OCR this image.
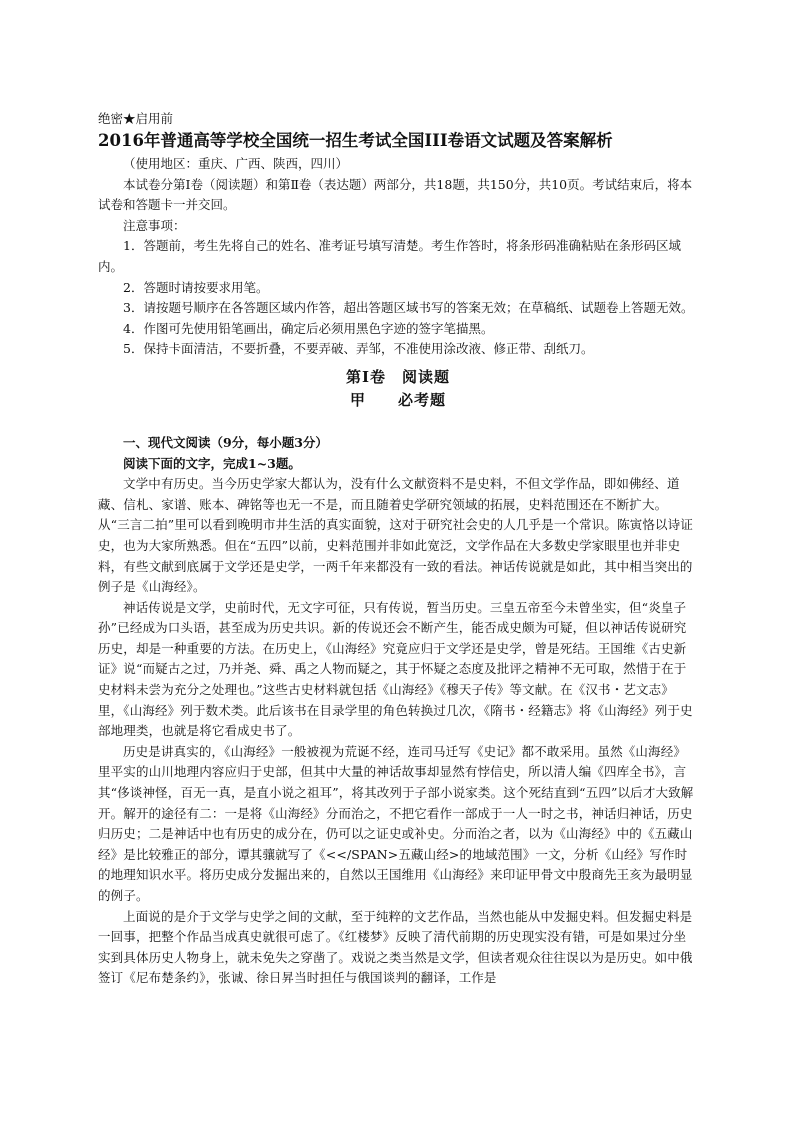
绝密★启用前

2016年普通高等学校全国统一招生考试全国III卷语文试题及答案解析

（使用地区：重庆、广西、陕西，四川）

本试卷分第Ⅰ卷（阅读题）和第Ⅱ卷（表达题）两部分，共18题，共150分，共10页。考试结束后，将本试卷和答题卡一并交回。

注意事项：

1．答题前，考生先将自己的姓名、准考证号填写清楚。考生作答时，将条形码准确粘贴在条形码区域内。

2．答题时请按要求用笔。

3．请按题号顺序在各答题区域内作答，超出答题区域书写的答案无效；在草稿纸、试题卷上答题无效。

4．作图可先使用铅笔画出，确定后必须用黑色字迹的签字笔描黑。

5．保持卡面清洁，不要折叠，不要弄破、弄邹，不准使用涂改液、修正带、刮纸刀。

第Ⅰ卷　阅读题

甲　　必考题

一、现代文阅读（9分，每小题3分）

阅读下面的文字，完成1~3题。

文学中有历史。当今历史学家大都认为，没有什么文献资料不是史料，不但文学作品，即如佛经、道藏、信札、家谱、账本、碑铭等也无一不是，而且随着史学研究领域的拓展，史料范围还在不断扩大。从“三言二拍”里可以看到晚明市井生活的真实面貌，这对于研究社会史的人几乎是一个常识。陈寅恪以诗证史，也为大家所熟悉。但在“五四”以前，史料范围并非如此宽泛，文学作品在大多数史学家眼里也并非史料，有些文献到底属于文学还是史学，一两千年来都没有一致的看法。神话传说就是如此，其中相当突出的例子是《山海经》。

神话传说是文学，史前时代，无文字可征，只有传说，暂当历史。三皇五帝至今未曾坐实，但“炎皇子孙”已经成为口头语，甚至成为历史共识。新的传说还会不断产生，能否成史颇为可疑，但以神话传说研究历史，却是一种重要的方法。在历史上，《山海经》究竟应归于文学还是史学，曾是死结。王国维《古史新证》说“而疑古之过，乃并尧、舜、禹之人物而疑之，其于怀疑之态度及批评之精神不无可取，然惜于在于史材料未尝为充分之处理也。”这些古史材料就包括《山海经》《穆天子传》等文献。在《汉书・艺文志》里，《山海经》列于数术类。此后该书在目录学里的角色转换过几次，《隋书・经籍志》将《山海经》列于史部地理类，也就是将它看成史书了。

历史是讲真实的，《山海经》一般被视为荒诞不经，连司马迁写《史记》都不敢采用。虽然《山海经》里平实的山川地理内容应归于史部，但其中大量的神话故事却显然有悖信史，所以清人编《四库全书》，言其“侈谈神怪，百无一真，是直小说之祖耳”，将其改列于子部小说家类。这个死结直到“五四”以后才大致解开。解开的途径有二：一是将《山海经》分而治之，不把它看作一部成于一人一时之书，神话归神话，历史归历史；二是神话中也有历史的成分在，仍可以之证史或补史。分而治之者，以为《山海经》中的《五藏山经》是比较雅正的部分，谭其骧就写了《<</SPAN>五藏山经>的地域范围》一文，分析《山经》写作时的地理知识水平。将历史成分发掘出来的，自然以王国维用《山海经》来印证甲骨文中殷商先王亥为最明显的例子。

上面说的是介于文学与史学之间的文献，至于纯粹的文艺作品，当然也能从中发掘史料。但发掘史料是一回事，把整个作品当成真史就很可虑了。《红楼梦》反映了清代前期的历史现实没有错，可是如果过分坐实到具体历史人物身上，就未免失之穿凿了。戏说之类当然是文学，但读者观众往往误以为是历史。如中俄签订《尼布楚条约》，张诚、徐日昇当时担任与俄国谈判的翻译，工作是
